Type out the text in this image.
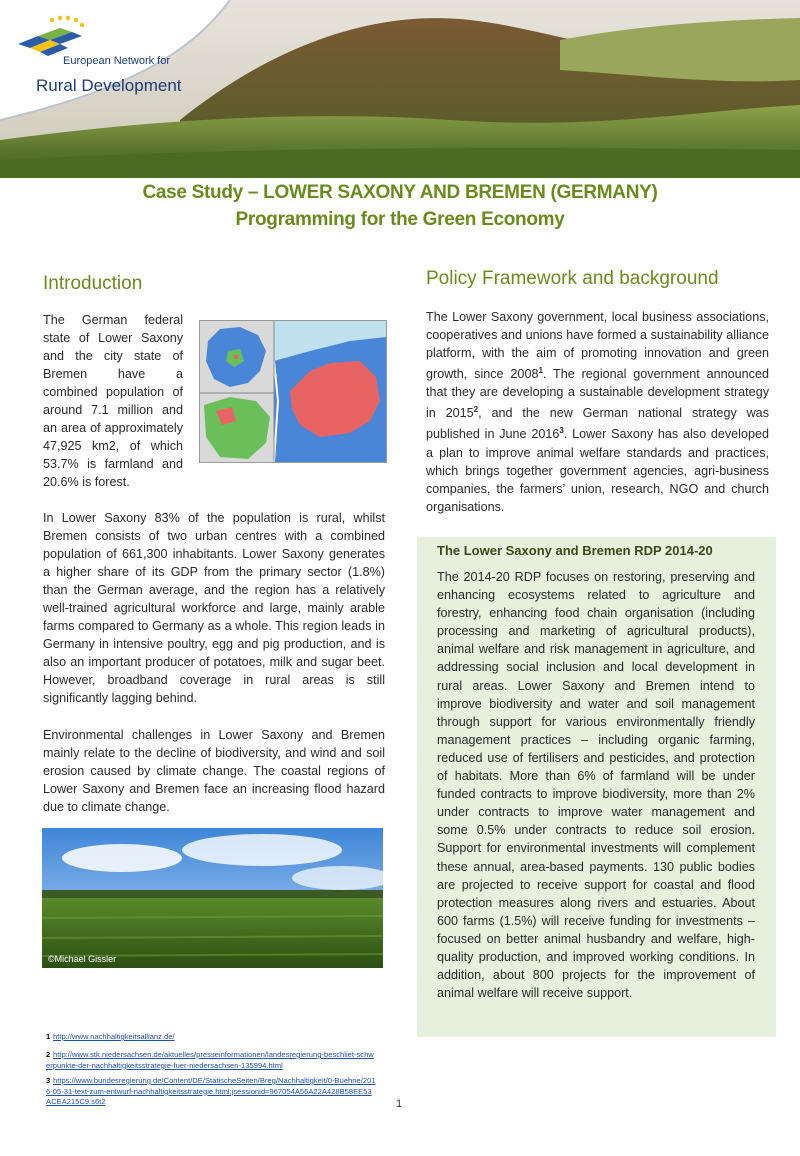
European Network for
Rural Development
Case Study – LOWER SAXONY AND BREMEN (GERMANY)
Programming for the Green Economy
Introduction
The German federal state of Lower Saxony and the city state of Bremen have a combined population of around 7.1 million and an area of approximately 47,925 km2, of which 53.7% is farmland and 20.6% is forest.
In Lower Saxony 83% of the population is rural, whilst Bremen consists of two urban centres with a combined population of 661,300 inhabitants. Lower Saxony generates a higher share of its GDP from the primary sector (1.8%) than the German average, and the region has a relatively well-trained agricultural workforce and large, mainly arable farms compared to Germany as a whole. This region leads in Germany in intensive poultry, egg and pig production, and is also an important producer of potatoes, milk and sugar beet. However, broadband coverage in rural areas is still significantly lagging behind.
Environmental challenges in Lower Saxony and Bremen mainly relate to the decline of biodiversity, and wind and soil erosion caused by climate change. The coastal regions of Lower Saxony and Bremen face an increasing flood hazard due to climate change.
©Michael Gissler
Policy Framework and background
The Lower Saxony government, local business associations, cooperatives and unions have formed a sustainability alliance platform, with the aim of promoting innovation and green growth, since 2008$^1$. The regional government announced that they are developing a sustainable development strategy in 2015$^2$, and the new German national strategy was published in June 2016$^3$. Lower Saxony has also developed a plan to improve animal welfare standards and practices, which brings together government agencies, agri-business companies, the farmers’ union, research, NGO and church organisations.
The Lower Saxony and Bremen RDP 2014-20
The 2014-20 RDP focuses on restoring, preserving and enhancing ecosystems related to agriculture and forestry, enhancing food chain organisation (including processing and marketing of agricultural products), animal welfare and risk management in agriculture, and addressing social inclusion and local development in rural areas. Lower Saxony and Bremen intend to improve biodiversity and water and soil management through support for various environmentally friendly management practices – including organic farming, reduced use of fertilisers and pesticides, and protection of habitats. More than 6% of farmland will be under funded contracts to improve biodiversity, more than 2% under contracts to improve water management and some 0.5% under contracts to reduce soil erosion. Support for environmental investments will complement these annual, area-based payments. 130 public bodies are projected to receive support for coastal and flood protection measures along rivers and estuaries. About 600 farms (1.5%) will receive funding for investments – focused on better animal husbandry and welfare, high-quality production, and improved working conditions. In addition, about 800 projects for the improvement of animal welfare will receive support.
1 http://www.nachhaltigkeitsallianz.de/
2 http://www.stk.niedersachsen.de/aktuelles/presseinformationen/landesregierung-beschliet-schwerpunkte-der-nachhaltigkeitsstrategie-fuer-niedersachsen-135994.html
3 https://www.bundesregierung.de/Content/DE/StatischeSeiten/Breg/Nachhaltigkeit/0-Buehne/2016-05-31-text-zum-entwurf-nachhaltigkeitsstrategie.html;jsessionid=967054A56A22A428B58EE53ACEA215C9.s6t2	1
